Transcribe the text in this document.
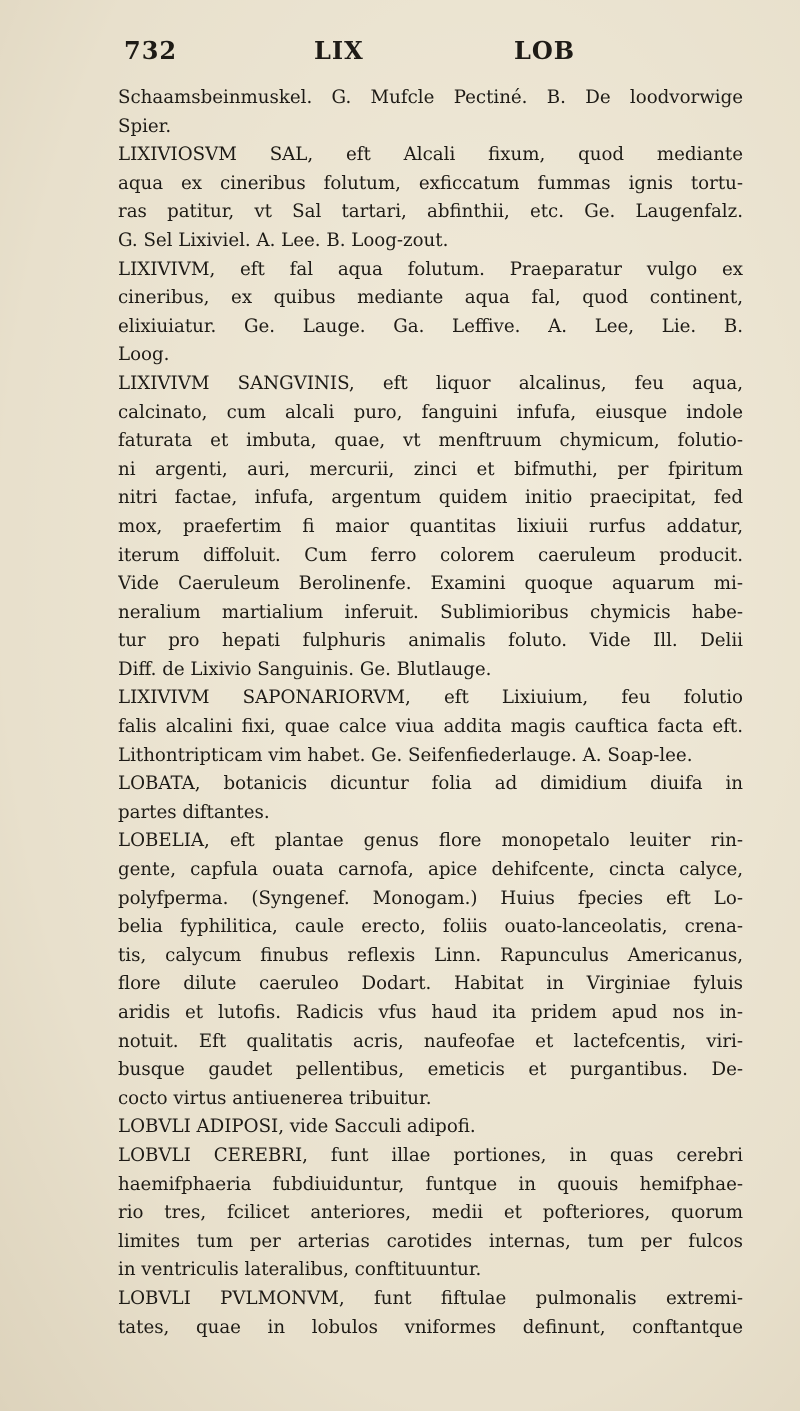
732	LIX	LOB
Schaamsbeinmuskel. G. Mufcle Pectiné. B. De loodvorwige
Spier.
LIXIVIOSVM SAL, eft Alcali fixum, quod mediante
aqua ex cineribus folutum, exficcatum fummas ignis tortu-
ras patitur, vt Sal tartari, abfinthii, etc. Ge. Laugenfalz.
G. Sel Lixiviel. A. Lee. B. Loog-zout.
LIXIVIVM, eft fal aqua folutum. Praeparatur vulgo ex
cineribus, ex quibus mediante aqua fal, quod continent,
elixiuiatur. Ge. Lauge. Ga. Leffive. A. Lee, Lie. B.
Loog.
LIXIVIVM SANGVINIS, eft liquor alcalinus, feu aqua,
calcinato, cum alcali puro, fanguini infufa, eiusque indole
faturata et imbuta, quae, vt menftruum chymicum, folutio-
ni argenti, auri, mercurii, zinci et bifmuthi, per fpiritum
nitri factae, infufa, argentum quidem initio praecipitat, fed
mox, praefertim fi maior quantitas lixiuii rurfus addatur,
iterum diffoluit. Cum ferro colorem caeruleum producit.
Vide Caeruleum Berolinenfe. Examini quoque aquarum mi-
neralium martialium inferuit. Sublimioribus chymicis habe-
tur pro hepati fulphuris animalis foluto. Vide Ill. Delii
Diff. de Lixivio Sanguinis. Ge. Blutlauge.
LIXIVIVM SAPONARIORVM, eft Lixiuium, feu folutio
falis alcalini fixi, quae calce viua addita magis cauftica facta eft.
Lithontripticam vim habet. Ge. Seifenfiederlauge. A. Soap-lee.
LOBATA, botanicis dicuntur folia ad dimidium diuifa in
partes diftantes.
LOBELIA, eft plantae genus flore monopetalo leuiter rin-
gente, capfula ouata carnofa, apice dehifcente, cincta calyce,
polyfperma. (Syngenef. Monogam.) Huius fpecies eft Lo-
belia fyphilitica, caule erecto, foliis ouato-lanceolatis, crena-
tis, calycum finubus reflexis Linn. Rapunculus Americanus,
flore dilute caeruleo Dodart. Habitat in Virginiae fyluis
aridis et lutofis. Radicis vfus haud ita pridem apud nos in-
notuit. Eft qualitatis acris, naufeofae et lactefcentis, viri-
busque gaudet pellentibus, emeticis et purgantibus. De-
cocto virtus antiuenerea tribuitur.
LOBVLI ADIPOSI, vide Sacculi adipofi.
LOBVLI CEREBRI, funt illae portiones, in quas cerebri
haemifphaeria fubdiuiduntur, funtque in quouis hemifphae-
rio tres, fcilicet anteriores, medii et pofteriores, quorum
limites tum per arterias carotides internas, tum per fulcos
in ventriculis lateralibus, conftituuntur.
LOBVLI PVLMONVM, funt fiftulae pulmonalis extremi-
tates, quae in lobulos vniformes definunt, conftantque
